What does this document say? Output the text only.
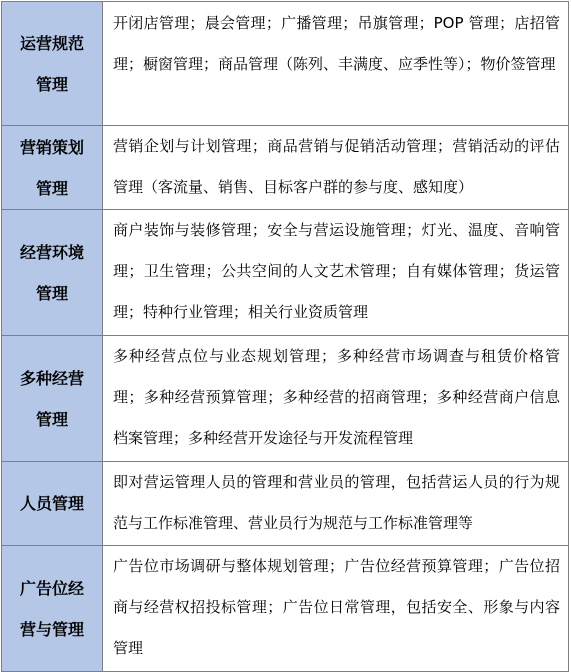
运营规范管理
开闭店管理；晨会管理；广播管理；吊旗管理；POP 管理；店招管理；橱窗管理；商品管理（陈列、丰满度、应季性等）；物价签管理
营销策划管理
营销企划与计划管理；商品营销与促销活动管理；营销活动的评估管理（客流量、销售、目标客户群的参与度、感知度）
经营环境管理
商户装饰与装修管理；安全与营运设施管理；灯光、温度、音响管理；卫生管理；公共空间的人文艺术管理；自有媒体管理；货运管理；特种行业管理；相关行业资质管理
多种经营管理
多种经营点位与业态规划管理；多种经营市场调查与租赁价格管理；多种经营预算管理；多种经营的招商管理；多种经营商户信息档案管理；多种经营开发途径与开发流程管理
人员管理
即对营运管理人员的管理和营业员的管理，包括营运人员的行为规范与工作标准管理、营业员行为规范与工作标准管理等
广告位经营与管理
广告位市场调研与整体规划管理；广告位经营预算管理；广告位招商与经营权招投标管理；广告位日常管理，包括安全、形象与内容管理
